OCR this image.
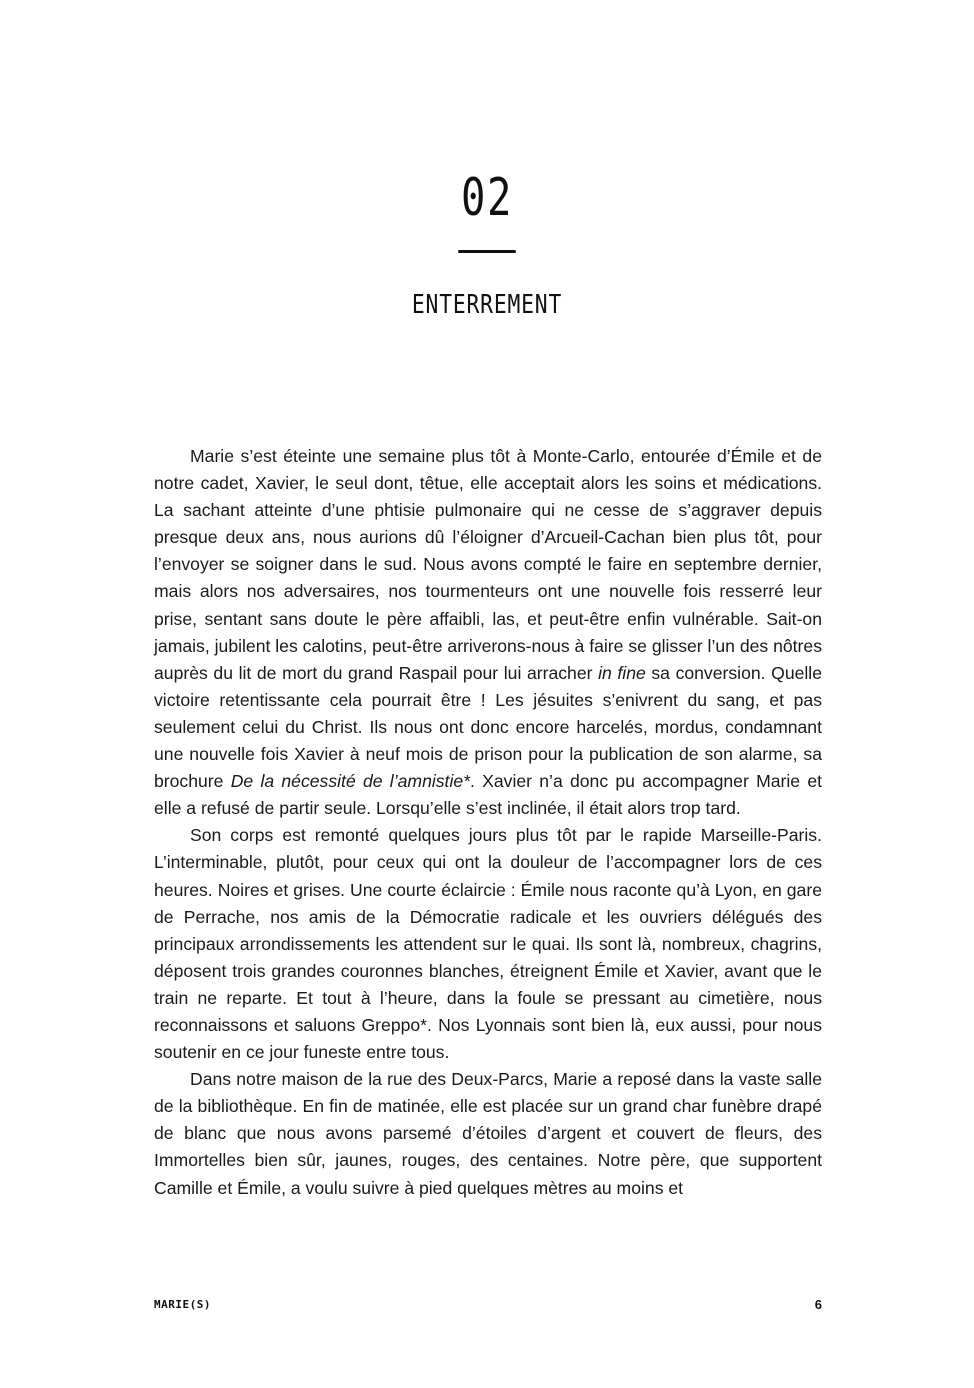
02
ENTERREMENT

Marie s’est éteinte une semaine plus tôt à Monte-Carlo, entourée d’Émile et de notre cadet, Xavier, le seul dont, têtue, elle acceptait alors les soins et médications. La sachant atteinte d’une phtisie pulmonaire qui ne cesse de s’aggraver depuis presque deux ans, nous aurions dû l’éloigner d’Arcueil-Cachan bien plus tôt, pour l’envoyer se soigner dans le sud. Nous avons compté le faire en septembre dernier, mais alors nos adversaires, nos tourmenteurs ont une nouvelle fois resserré leur prise, sentant sans doute le père affaibli, las, et peut-être enfin vulnérable. Sait-on jamais, jubilent les calotins, peut-être arriverons-nous à faire se glisser l’un des nôtres auprès du lit de mort du grand Raspail pour lui arracher in fine sa conversion. Quelle victoire retentissante cela pourrait être ! Les jésuites s’enivrent du sang, et pas seulement celui du Christ. Ils nous ont donc encore harcelés, mordus, condamnant une nouvelle fois Xavier à neuf mois de prison pour la publication de son alarme, sa brochure De la nécessité de l’amnistie*. Xavier n’a donc pu accompagner Marie et elle a refusé de partir seule. Lorsqu’elle s’est inclinée, il était alors trop tard.

Son corps est remonté quelques jours plus tôt par le rapide Marseille-Paris. L’interminable, plutôt, pour ceux qui ont la douleur de l’accompagner lors de ces heures. Noires et grises. Une courte éclaircie : Émile nous raconte qu’à Lyon, en gare de Perrache, nos amis de la Démocratie radicale et les ouvriers délégués des principaux arrondissements les attendent sur le quai. Ils sont là, nombreux, chagrins, déposent trois grandes couronnes blanches, étreignent Émile et Xavier, avant que le train ne reparte. Et tout à l’heure, dans la foule se pressant au cimetière, nous reconnaissons et saluons Greppo*. Nos Lyonnais sont bien là, eux aussi, pour nous soutenir en ce jour funeste entre tous.

Dans notre maison de la rue des Deux-Parcs, Marie a reposé dans la vaste salle de la bibliothèque. En fin de matinée, elle est placée sur un grand char funèbre drapé de blanc que nous avons parsemé d’étoiles d’argent et couvert de fleurs, des Immortelles bien sûr, jaunes, rouges, des centaines. Notre père, que supportent Camille et Émile, a voulu suivre à pied quelques mètres au moins et

MARIE(S)	6
